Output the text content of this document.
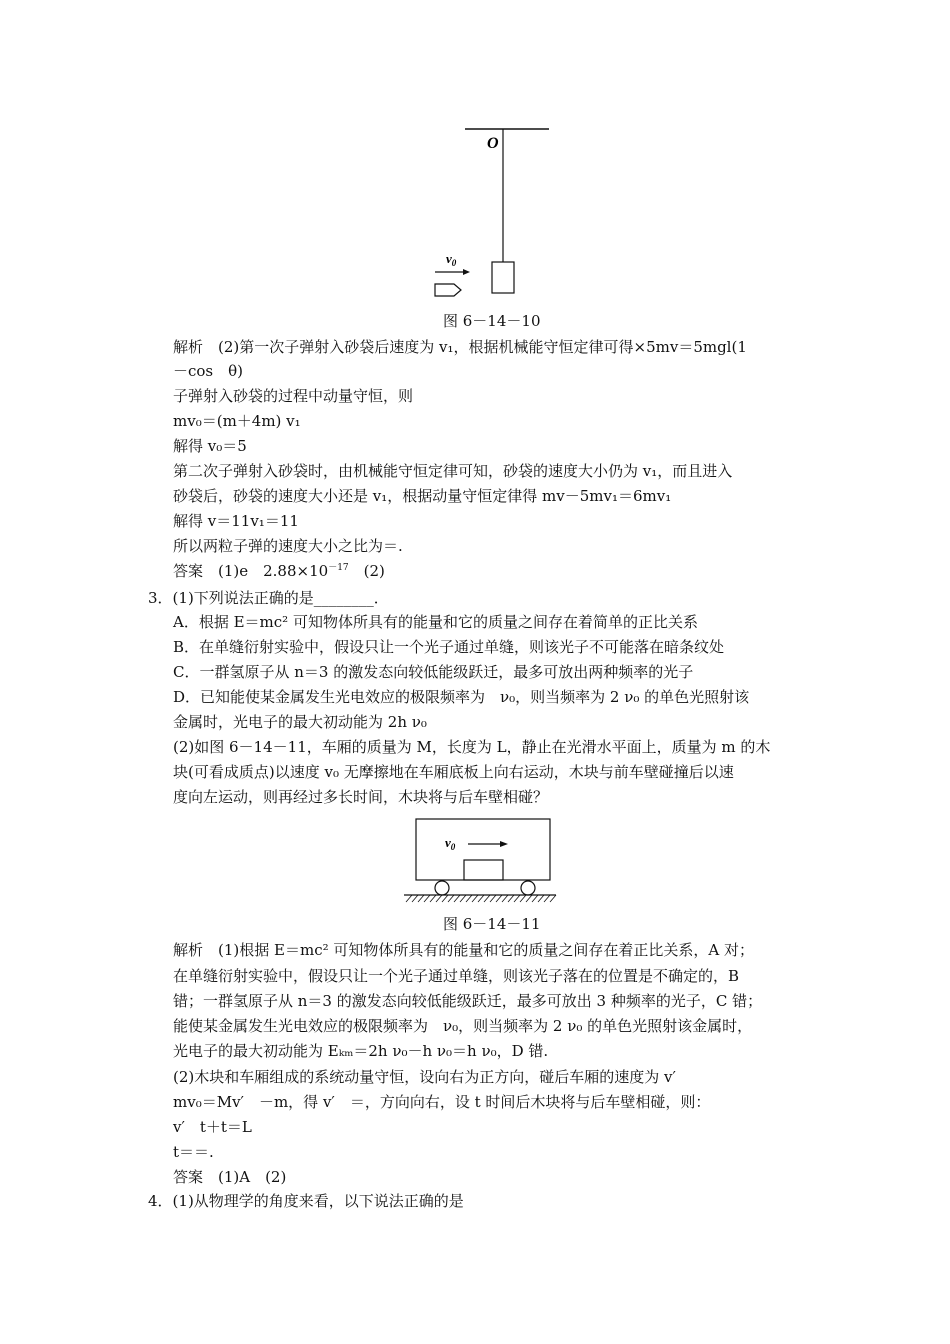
O
$v_0$
图 6－14－10
解析　(2)第一次子弹射入砂袋后速度为 v₁，根据机械能守恒定律可得×5mv＝5mgl(1
－cos　θ)
子弹射入砂袋的过程中动量守恒，则
mv₀＝(m＋4m) v₁
解得 v₀＝5
第二次子弹射入砂袋时，由机械能守恒定律可知，砂袋的速度大小仍为 v₁，而且进入
砂袋后，砂袋的速度大小还是 v₁，根据动量守恒定律得 mv－5mv₁＝6mv₁
解得 v＝11v₁＝11
所以两粒子弹的速度大小之比为＝.
答案　(1)e　$2.88\times 10^{-17}$　(2)
3．(1)下列说法正确的是________．
A．根据 E＝mc² 可知物体所具有的能量和它的质量之间存在着简单的正比关系
B．在单缝衍射实验中，假设只让一个光子通过单缝，则该光子不可能落在暗条纹处
C．一群氢原子从 n＝3 的激发态向较低能级跃迁，最多可放出两种频率的光子
D．已知能使某金属发生光电效应的极限频率为　ν₀，则当频率为 2 ν₀ 的单色光照射该
金属时，光电子的最大初动能为 2h ν₀
(2)如图 6－14－11，车厢的质量为 M，长度为 L，静止在光滑水平面上，质量为 m 的木
块(可看成质点)以速度 v₀ 无摩擦地在车厢底板上向右运动，木块与前车壁碰撞后以速
度向左运动，则再经过多长时间，木块将与后车壁相碰？
$v_0$
图 6－14－11
解析　(1)根据 E＝mc² 可知物体所具有的能量和它的质量之间存在着正比关系，A 对；
在单缝衍射实验中，假设只让一个光子通过单缝，则该光子落在的位置是不确定的，B
错；一群氢原子从 n＝3 的激发态向较低能级跃迁，最多可放出 3 种频率的光子，C 错；
能使某金属发生光电效应的极限频率为　ν₀，则当频率为 2 ν₀ 的单色光照射该金属时，
光电子的最大初动能为 Eₖₘ＝2h ν₀－h ν₀＝h ν₀，D 错.
(2)木块和车厢组成的系统动量守恒，设向右为正方向，碰后车厢的速度为 v′
mv₀＝Mv′　－m，得 v′　＝，方向向右，设 t 时间后木块将与后车壁相碰，则：
v′　t＋t＝L
t＝＝.
答案　(1)A　(2)
4．(1)从物理学的角度来看，以下说法正确的是
